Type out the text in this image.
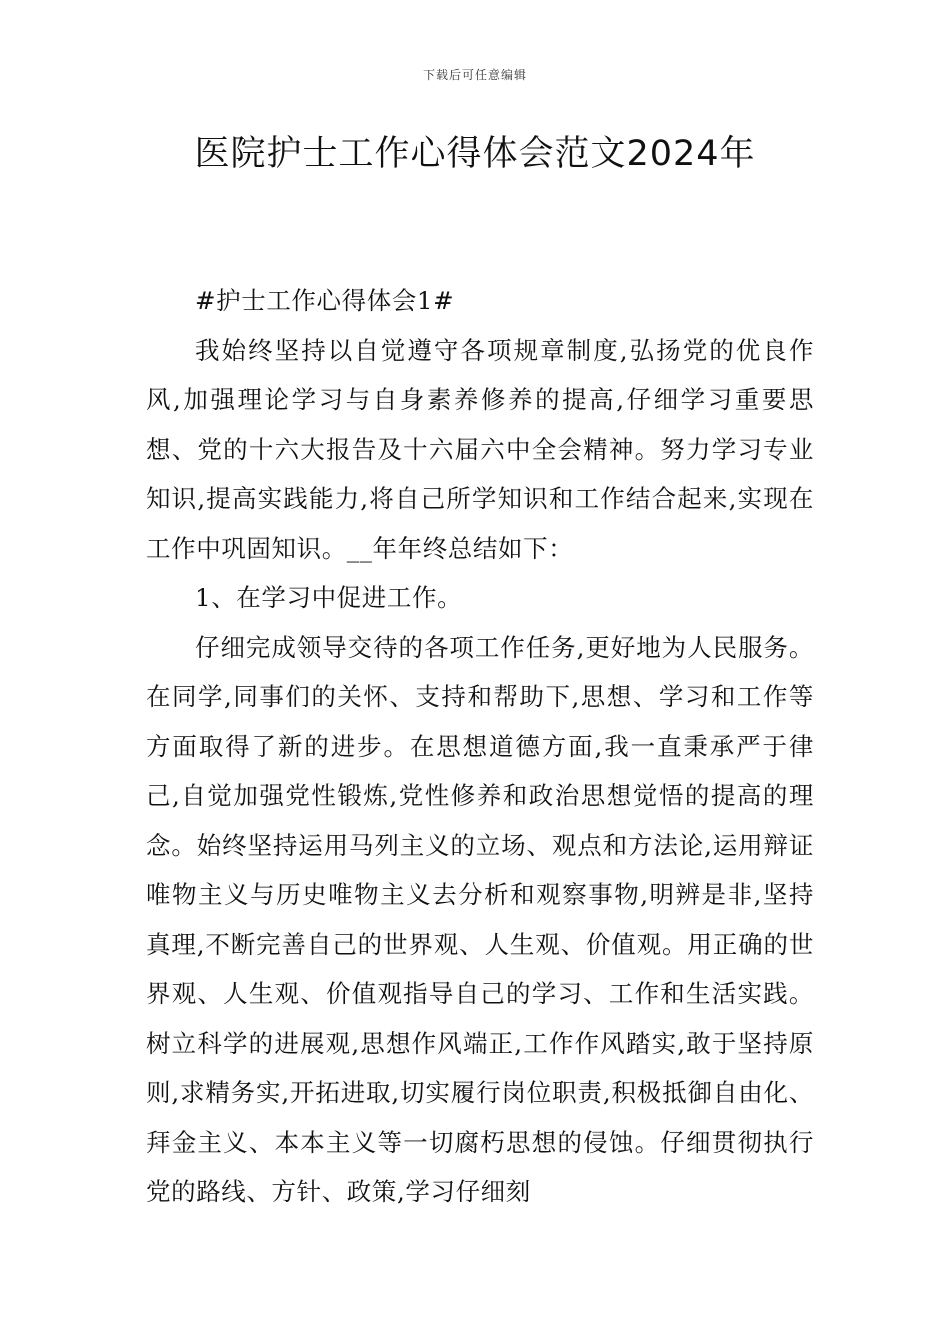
下载后可任意编辑
医院护士工作心得体会范文2024年

#护士工作心得体会1#

我始终坚持以自觉遵守各项规章制度,弘扬党的优良作风,加强理论学习与自身素养修养的提高,仔细学习重要思想、党的十六大报告及十六届六中全会精神。努力学习专业知识,提高实践能力,将自己所学知识和工作结合起来,实现在工作中巩固知识。__年年终总结如下：

1、在学习中促进工作。

仔细完成领导交待的各项工作任务,更好地为人民服务。在同学,同事们的关怀、支持和帮助下,思想、学习和工作等方面取得了新的进步。在思想道德方面,我一直秉承严于律己,自觉加强党性锻炼,党性修养和政治思想觉悟的提高的理念。始终坚持运用马列主义的立场、观点和方法论,运用辩证唯物主义与历史唯物主义去分析和观察事物,明辨是非,坚持真理,不断完善自己的世界观、人生观、价值观。用正确的世界观、人生观、价值观指导自己的学习、工作和生活实践。树立科学的进展观,思想作风端正,工作作风踏实,敢于坚持原则,求精务实,开拓进取,切实履行岗位职责,积极抵御自由化、拜金主义、本本主义等一切腐朽思想的侵蚀。仔细贯彻执行党的路线、方针、政策,学习仔细刻
